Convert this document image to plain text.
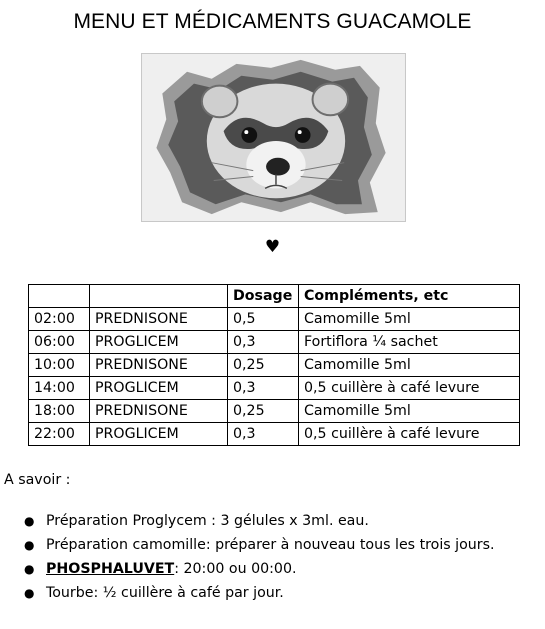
MENU ET MÉDICAMENTS GUACAMOLE
♥
		Dosage	Compléments, etc
02:00	PREDNISONE	0,5	Camomille 5ml
06:00	PROGLICEM	0,3	Fortiflora ¼ sachet
10:00	PREDNISONE	0,25	Camomille 5ml
14:00	PROGLICEM	0,3	0,5 cuillère à café levure
18:00	PREDNISONE	0,25	Camomille 5ml
22:00	PROGLICEM	0,3	0,5 cuillère à café levure
A savoir :
● Préparation Proglycem : 3 gélules x 3ml. eau.
● Préparation camomille: préparer à nouveau tous les trois jours.
● PHOSPHALUVET: 20:00 ou 00:00.
● Tourbe: ½ cuillère à café par jour.
